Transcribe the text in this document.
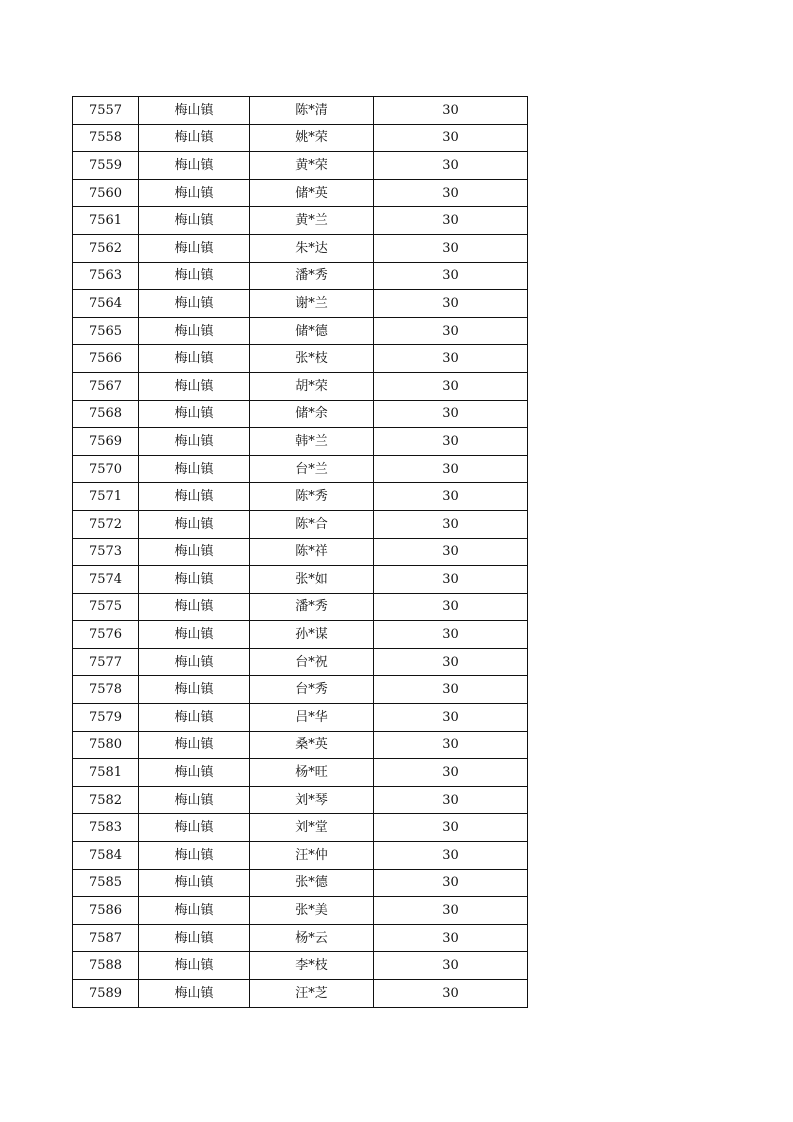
7557	梅山镇	陈*清	30
7558	梅山镇	姚*荣	30
7559	梅山镇	黄*荣	30
7560	梅山镇	储*英	30
7561	梅山镇	黄*兰	30
7562	梅山镇	朱*达	30
7563	梅山镇	潘*秀	30
7564	梅山镇	谢*兰	30
7565	梅山镇	储*德	30
7566	梅山镇	张*枝	30
7567	梅山镇	胡*荣	30
7568	梅山镇	储*余	30
7569	梅山镇	韩*兰	30
7570	梅山镇	台*兰	30
7571	梅山镇	陈*秀	30
7572	梅山镇	陈*合	30
7573	梅山镇	陈*祥	30
7574	梅山镇	张*如	30
7575	梅山镇	潘*秀	30
7576	梅山镇	孙*谋	30
7577	梅山镇	台*祝	30
7578	梅山镇	台*秀	30
7579	梅山镇	吕*华	30
7580	梅山镇	桑*英	30
7581	梅山镇	杨*旺	30
7582	梅山镇	刘*琴	30
7583	梅山镇	刘*堂	30
7584	梅山镇	汪*仲	30
7585	梅山镇	张*德	30
7586	梅山镇	张*美	30
7587	梅山镇	杨*云	30
7588	梅山镇	李*枝	30
7589	梅山镇	汪*芝	30
